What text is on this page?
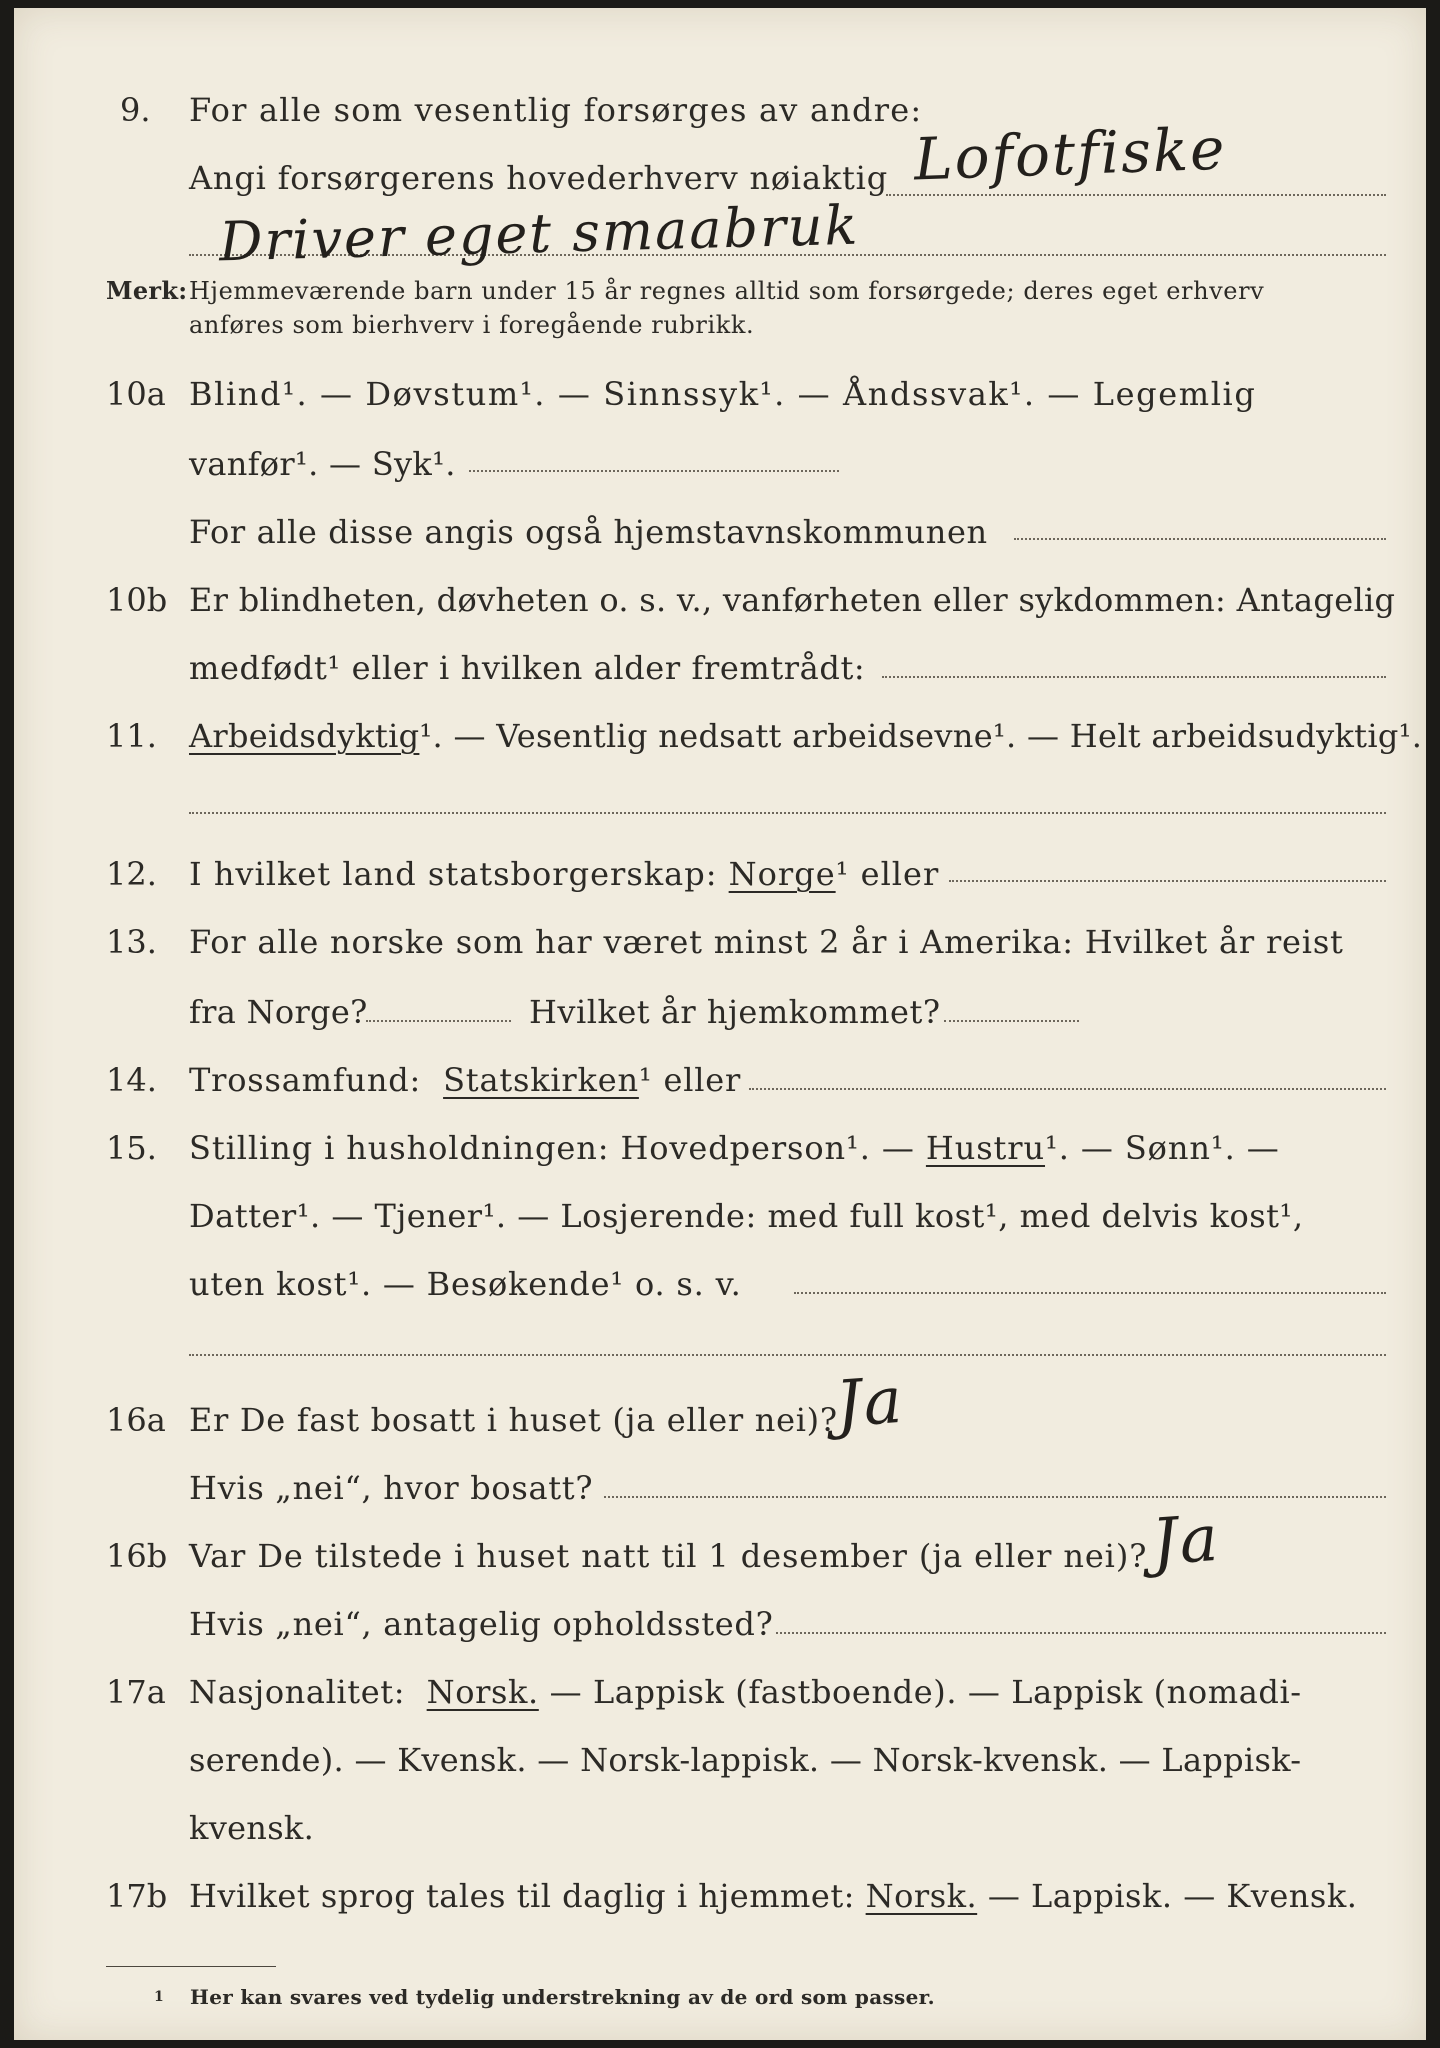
9. For alle som vesentlig forsørges av andre:
Angi forsørgerens hovederhverv nøiaktig Lofotfiske
Driver eget smaabruk
Merk: Hjemmeværende barn under 15 år regnes alltid som forsørgede; deres eget erhverv
anføres som bierhverv i foregående rubrikk.
10a Blind¹. — Døvstum¹. — Sinnssyk¹. — Åndssvak¹. — Legemlig
vanfør¹. — Syk¹.
For alle disse angis også hjemstavnskommunen
10b Er blindheten, døvheten o. s. v., vanførheten eller sykdommen: Antagelig
medfødt¹ eller i hvilken alder fremtrådt:
11. Arbeidsdyktig¹. — Vesentlig nedsatt arbeidsevne¹. — Helt arbeidsudyktig¹.
12. I hvilket land statsborgerskap: Norge¹ eller
13. For alle norske som har været minst 2 år i Amerika: Hvilket år reist
fra Norge?	Hvilket år hjemkommet?
14. Trossamfund: Statskirken¹ eller
15. Stilling i husholdningen: Hovedperson¹. — Hustru¹. — Sønn¹. —
Datter¹. — Tjener¹. — Losjerende: med full kost¹, med delvis kost¹,
uten kost¹. — Besøkende¹ o. s. v.
16a Er De fast bosatt i huset (ja eller nei)?
Ja
Hvis „nei“, hvor bosatt?
16b Var De tilstede i huset natt til 1 desember (ja eller nei)? Ja
Hvis „nei“, antagelig opholdssted?
17a Nasjonalitet: Norsk. — Lappisk (fastboende). — Lappisk (nomadi-
serende). — Kvensk. — Norsk-lappisk. — Norsk-kvensk. — Lappisk-
kvensk.
17b Hvilket sprog tales til daglig i hjemmet: Norsk. — Lappisk. — Kvensk.
1 Her kan svares ved tydelig understrekning av de ord som passer.
